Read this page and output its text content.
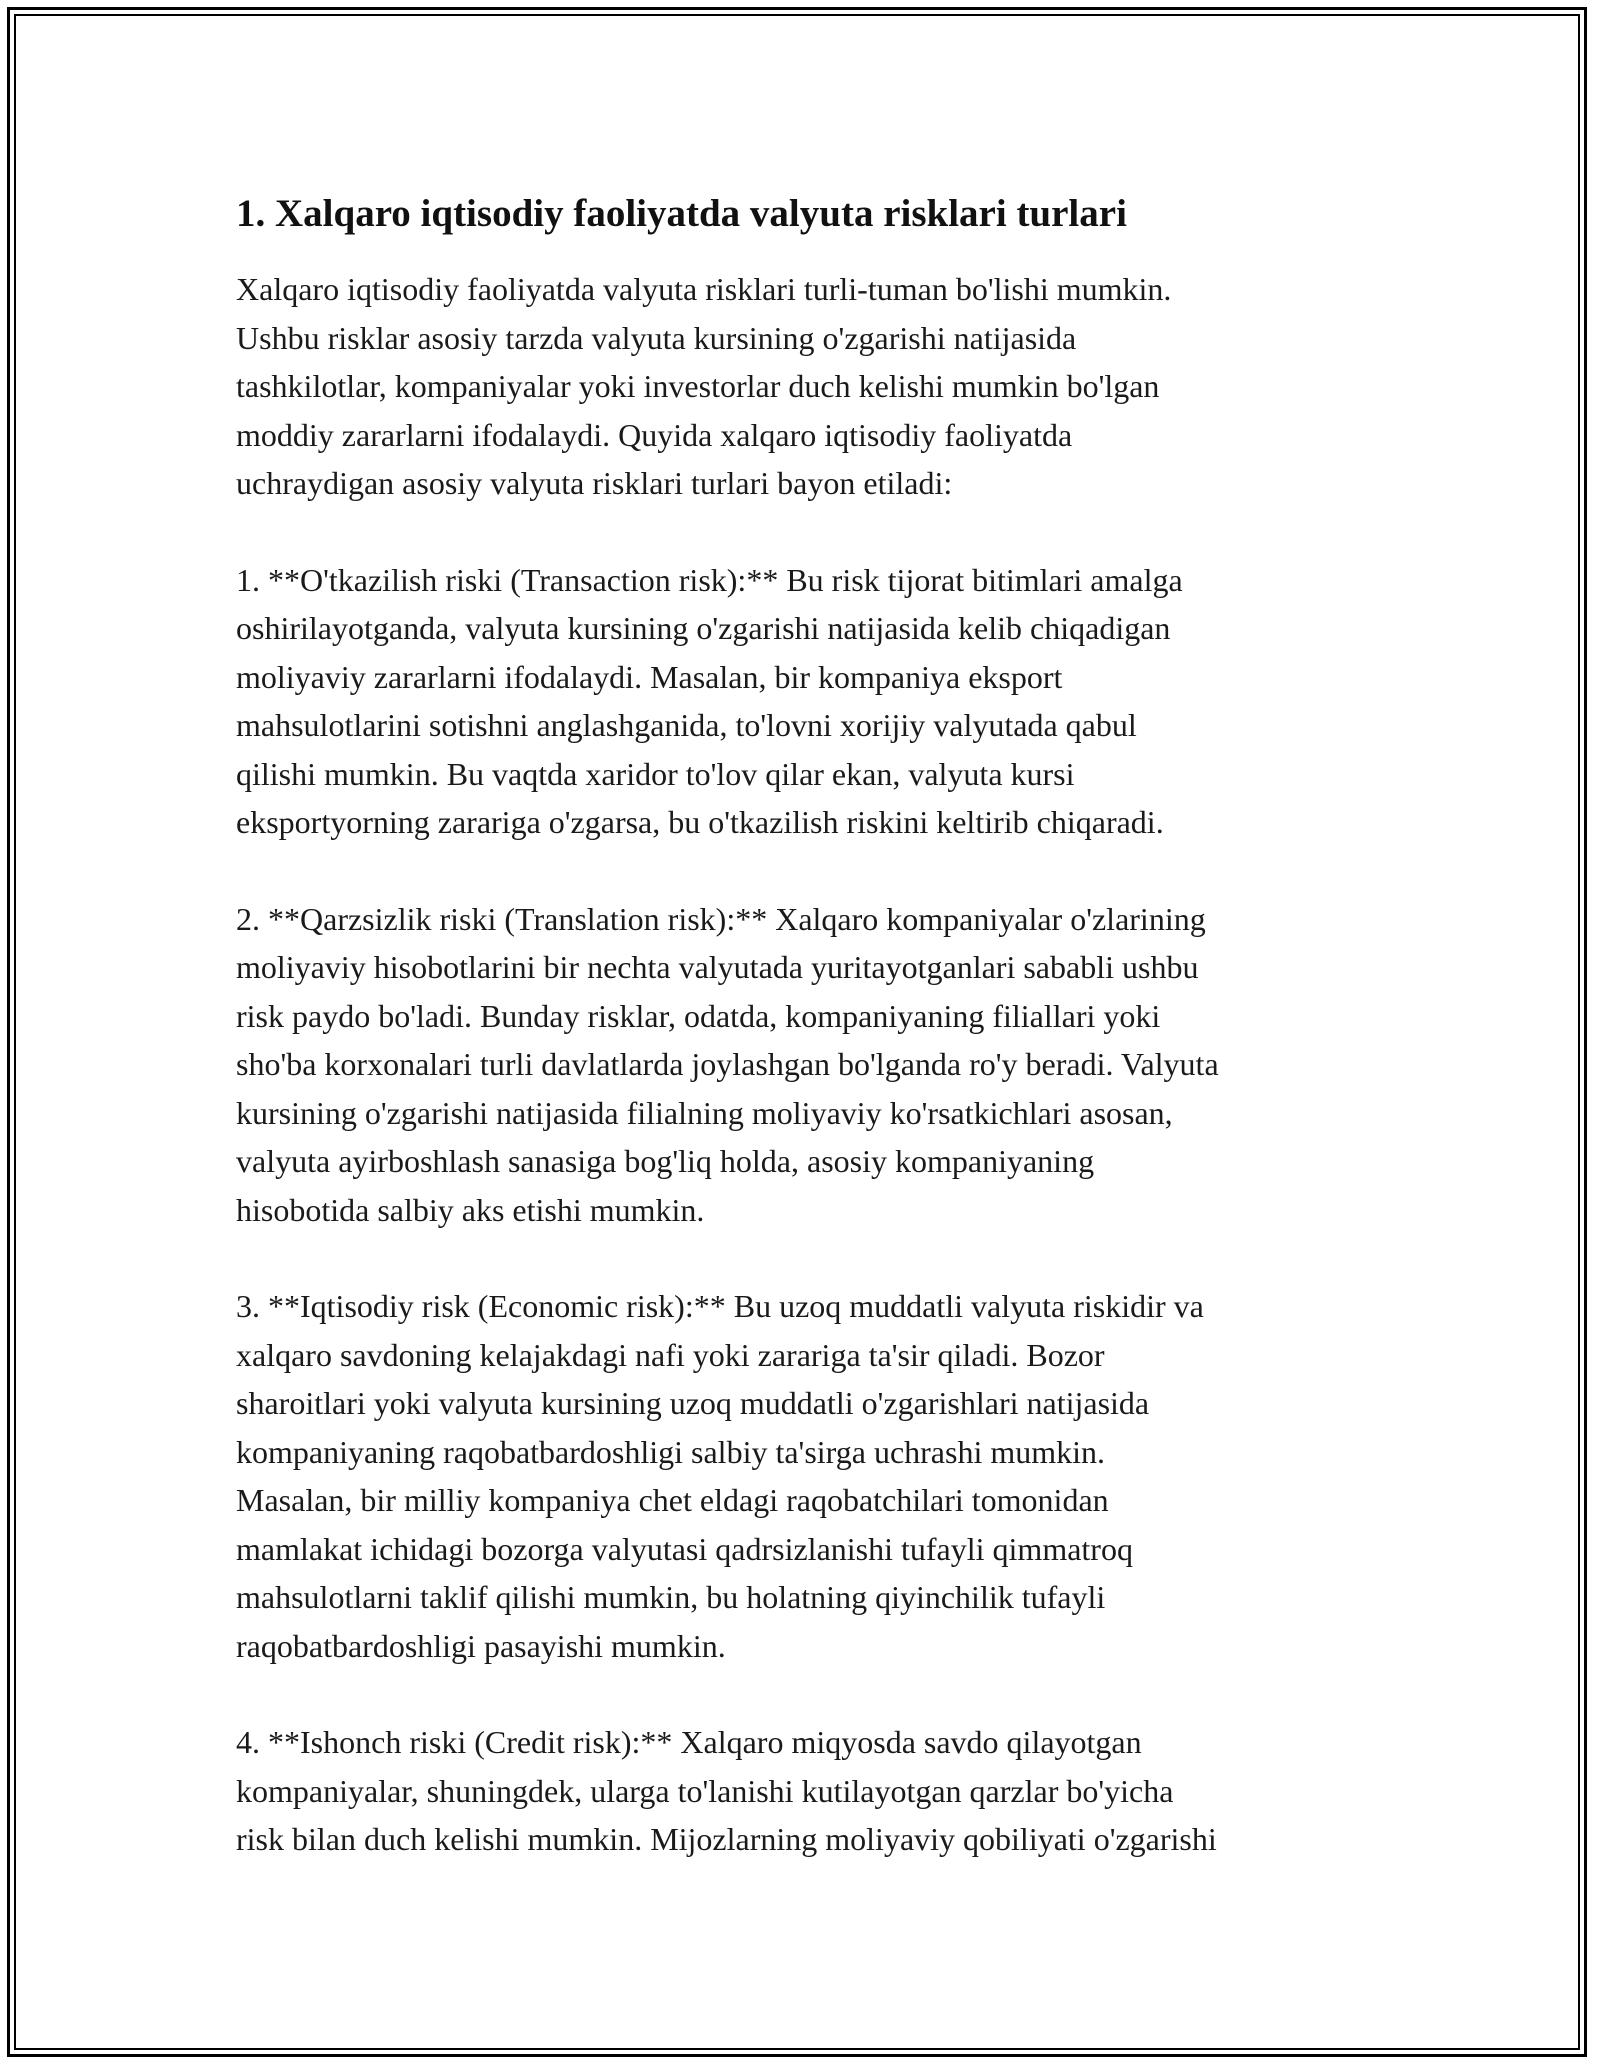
1. Xalqaro iqtisodiy faoliyatda valyuta risklari turlari

Xalqaro iqtisodiy faoliyatda valyuta risklari turli-tuman bo'lishi mumkin.
Ushbu risklar asosiy tarzda valyuta kursining o'zgarishi natijasida
tashkilotlar, kompaniyalar yoki investorlar duch kelishi mumkin bo'lgan
moddiy zararlarni ifodalaydi. Quyida xalqaro iqtisodiy faoliyatda
uchraydigan asosiy valyuta risklari turlari bayon etiladi:

1. **O'tkazilish riski (Transaction risk):** Bu risk tijorat bitimlari amalga
oshirilayotganda, valyuta kursining o'zgarishi natijasida kelib chiqadigan
moliyaviy zararlarni ifodalaydi. Masalan, bir kompaniya eksport
mahsulotlarini sotishni anglashganida, to'lovni xorijiy valyutada qabul
qilishi mumkin. Bu vaqtda xaridor to'lov qilar ekan, valyuta kursi
eksportyorning zarariga o'zgarsa, bu o'tkazilish riskini keltirib chiqaradi.

2. **Qarzsizlik riski (Translation risk):** Xalqaro kompaniyalar o'zlarining
moliyaviy hisobotlarini bir nechta valyutada yuritayotganlari sababli ushbu
risk paydo bo'ladi. Bunday risklar, odatda, kompaniyaning filiallari yoki
sho'ba korxonalari turli davlatlarda joylashgan bo'lganda ro'y beradi. Valyuta
kursining o'zgarishi natijasida filialning moliyaviy ko'rsatkichlari asosan,
valyuta ayirboshlash sanasiga bog'liq holda, asosiy kompaniyaning
hisobotida salbiy aks etishi mumkin.

3. **Iqtisodiy risk (Economic risk):** Bu uzoq muddatli valyuta riskidir va
xalqaro savdoning kelajakdagi nafi yoki zarariga ta'sir qiladi. Bozor
sharoitlari yoki valyuta kursining uzoq muddatli o'zgarishlari natijasida
kompaniyaning raqobatbardoshligi salbiy ta'sirga uchrashi mumkin.
Masalan, bir milliy kompaniya chet eldagi raqobatchilari tomonidan
mamlakat ichidagi bozorga valyutasi qadrsizlanishi tufayli qimmatroq
mahsulotlarni taklif qilishi mumkin, bu holatning qiyinchilik tufayli
raqobatbardoshligi pasayishi mumkin.

4. **Ishonch riski (Credit risk):** Xalqaro miqyosda savdo qilayotgan
kompaniyalar, shuningdek, ularga to'lanishi kutilayotgan qarzlar bo'yicha
risk bilan duch kelishi mumkin. Mijozlarning moliyaviy qobiliyati o'zgarishi
